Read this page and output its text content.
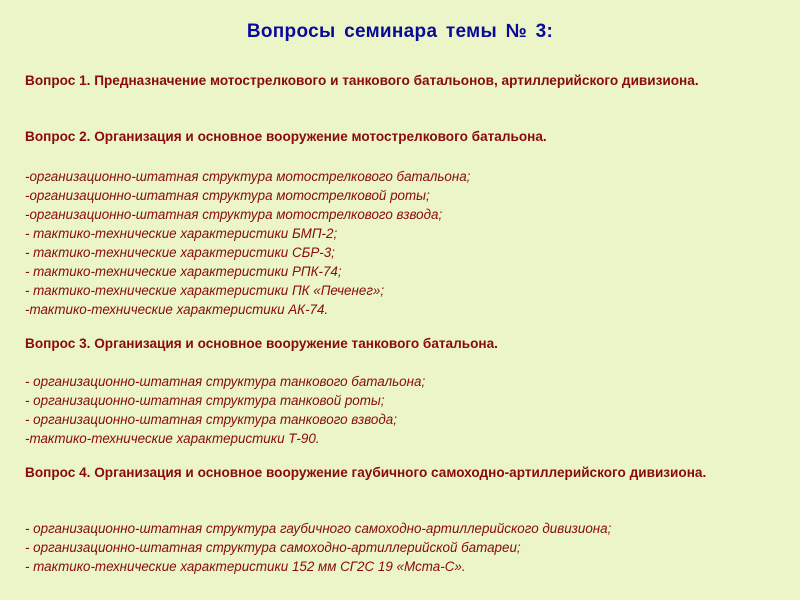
Вопросы семинара темы № 3:
Вопрос 1. Предназначение мотострелкового и танкового батальонов, артиллерийского дивизиона.
Вопрос 2. Организация и основное вооружение мотострелкового батальона.
-организационно-штатная структура мотострелкового батальона;
-организационно-штатная структура мотострелковой роты;
-организационно-штатная структура мотострелкового взвода;
- тактико-технические характеристики БМП-2;
- тактико-технические характеристики СБР-3;
- тактико-технические характеристики РПК-74;
- тактико-технические характеристики ПК «Печенег»;
-тактико-технические характеристики АК-74.
Вопрос 3. Организация и основное вооружение танкового батальона.
- организационно-штатная структура танкового батальона;
- организационно-штатная структура танковой роты;
- организационно-штатная структура танкового взвода;
-тактико-технические характеристики Т-90.
Вопрос 4. Организация и основное вооружение гаубичного самоходно-артиллерийского дивизиона.
- организационно-штатная структура гаубичного самоходно-артиллерийского дивизиона;
- организационно-штатная структура самоходно-артиллерийской батареи;
- тактико-технические характеристики 152 мм СГ2С 19 «Мста-С».
